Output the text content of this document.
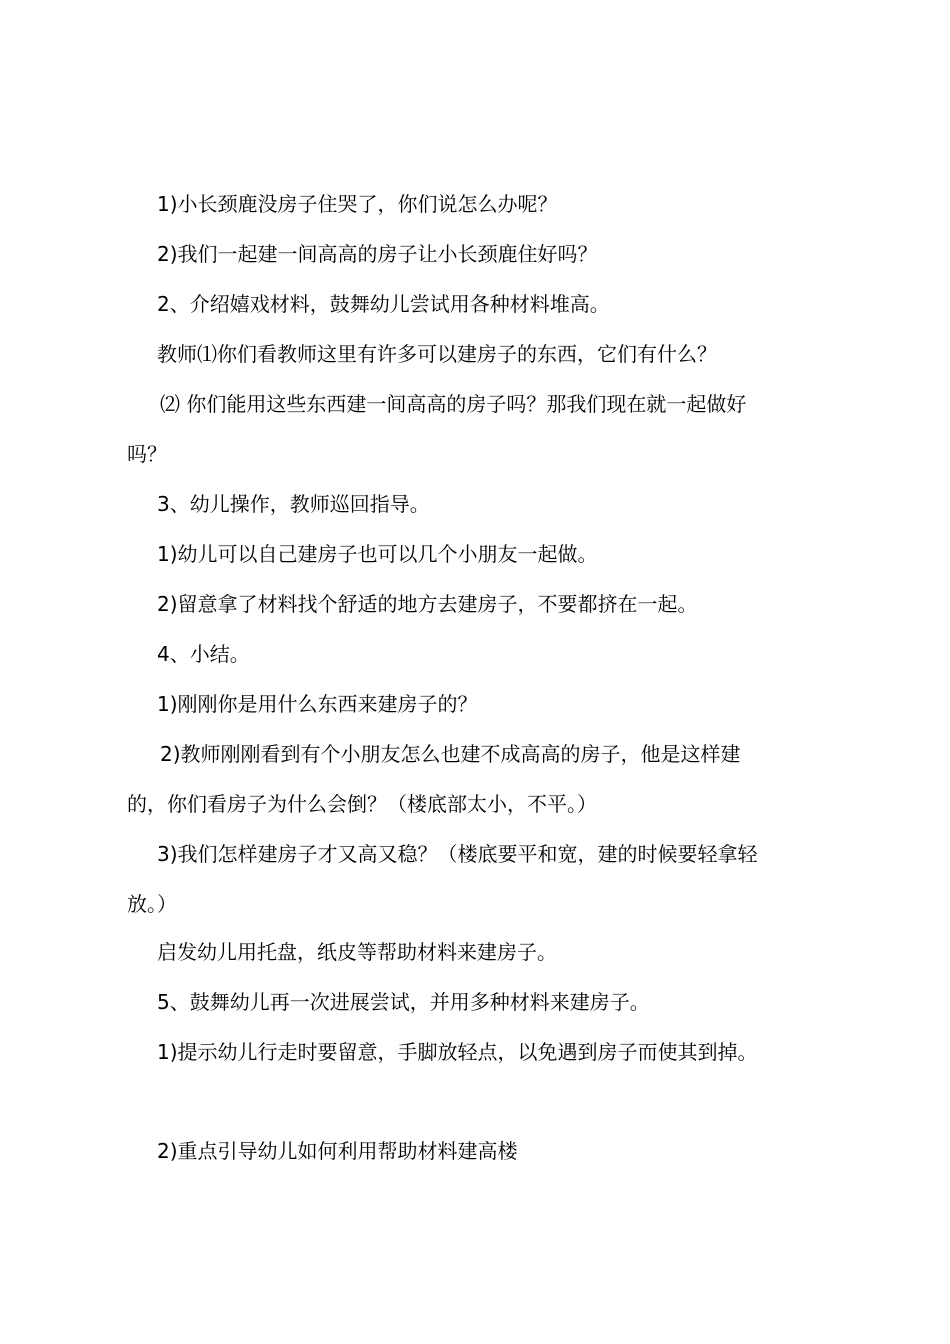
1)小长颈鹿没房子住哭了，你们说怎么办呢？

2)我们一起建一间高高的房子让小长颈鹿住好吗？

2、介绍嬉戏材料，鼓舞幼儿尝试用各种材料堆高。

教师⑴你们看教师这里有许多可以建房子的东西，它们有什么？

⑵ 你们能用这些东西建一间高高的房子吗？那我们现在就一起做好

吗？

3、幼儿操作，教师巡回指导。

1)幼儿可以自己建房子也可以几个小朋友一起做。

2)留意拿了材料找个舒适的地方去建房子，不要都挤在一起。

4、小结。

1)刚刚你是用什么东西来建房子的？

2)教师刚刚看到有个小朋友怎么也建不成高高的房子，他是这样建

的，你们看房子为什么会倒？（楼底部太小，不平。）

3)我们怎样建房子才又高又稳？（楼底要平和宽，建的时候要轻拿轻

放。）

启发幼儿用托盘，纸皮等帮助材料来建房子。

5、鼓舞幼儿再一次进展尝试，并用多种材料来建房子。

1)提示幼儿行走时要留意，手脚放轻点，以免遇到房子而使其到掉。

2)重点引导幼儿如何利用帮助材料建高楼
